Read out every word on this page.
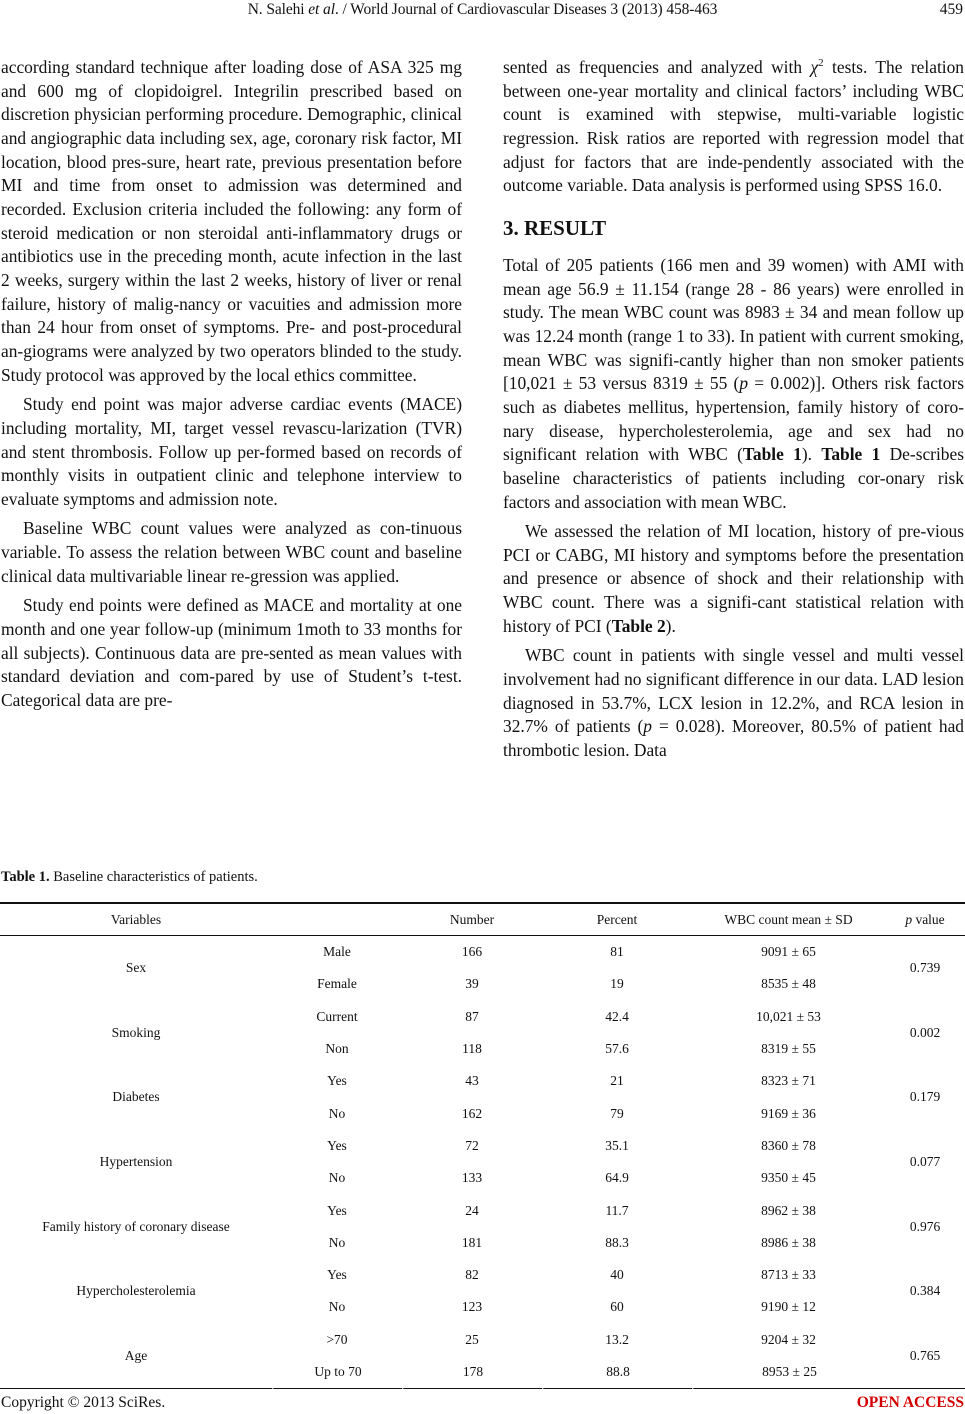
N. Salehi et al. / World Journal of Cardiovascular Diseases 3 (2013) 458-463	459

according standard technique after loading dose of ASA 325 mg and 600 mg of clopidoigrel. Integrilin prescribed based on discretion physician performing procedure. Demographic, clinical and angiographic data including sex, age, coronary risk factor, MI location, blood pres-sure, heart rate, previous presentation before MI and time from onset to admission was determined and recorded. Exclusion criteria included the following: any form of steroid medication or non steroidal anti-inflammatory drugs or antibiotics use in the preceding month, acute infection in the last 2 weeks, surgery within the last 2 weeks, history of liver or renal failure, history of malig-nancy or vacuities and admission more than 24 hour from onset of symptoms. Pre- and post-procedural an-giograms were analyzed by two operators blinded to the study. Study protocol was approved by the local ethics committee.

Study end point was major adverse cardiac events (MACE) including mortality, MI, target vessel revascu-larization (TVR) and stent thrombosis. Follow up per-formed based on records of monthly visits in outpatient clinic and telephone interview to evaluate symptoms and admission note.

Baseline WBC count values were analyzed as con-tinuous variable. To assess the relation between WBC count and baseline clinical data multivariable linear re-gression was applied.

Study end points were defined as MACE and mortality at one month and one year follow-up (minimum 1moth to 33 months for all subjects). Continuous data are pre-sented as mean values with standard deviation and com-pared by use of Student’s t-test. Categorical data are pre-

sented as frequencies and analyzed with $\chi^2$ tests. The relation between one-year mortality and clinical factors’ including WBC count is examined with stepwise, multi-variable logistic regression. Risk ratios are reported with regression model that adjust for factors that are inde-pendently associated with the outcome variable. Data analysis is performed using SPSS 16.0.

3. RESULT

Total of 205 patients (166 men and 39 women) with AMI with mean age 56.9 ± 11.154 (range 28 - 86 years) were enrolled in study. The mean WBC count was 8983 ± 34 and mean follow up was 12.24 month (range 1 to 33). In patient with current smoking, mean WBC was signifi-cantly higher than non smoker patients [10,021 ± 53 versus 8319 ± 55 (p = 0.002)]. Others risk factors such as diabetes mellitus, hypertension, family history of coro-nary disease, hypercholesterolemia, age and sex had no significant relation with WBC (Table 1). Table 1 De-scribes baseline characteristics of patients including cor-onary risk factors and association with mean WBC.

We assessed the relation of MI location, history of pre-vious PCI or CABG, MI history and symptoms before the presentation and presence or absence of shock and their relationship with WBC count. There was a signifi-cant statistical relation with history of PCI (Table 2).

WBC count in patients with single vessel and multi vessel involvement had no significant difference in our data. LAD lesion diagnosed in 53.7%, LCX lesion in 12.2%, and RCA lesion in 32.7% of patients (p = 0.028). Moreover, 80.5% of patient had thrombotic lesion. Data

Table 1. Baseline characteristics of patients.
Variables		Number	Percent	WBC count mean ± SD	p value
Sex	Male	166	81	9091 ± 65	0.739
	Female	39	19	8535 ± 48	
Smoking	Current	87	42.4	10,021 ± 53	0.002
	Non	118	57.6	8319 ± 55	
Diabetes	Yes	43	21	8323 ± 71	0.179
	No	162	79	9169 ± 36	
Hypertension	Yes	72	35.1	8360 ± 78	0.077
	No	133	64.9	9350 ± 45	
Family history of coronary disease	Yes	24	11.7	8962 ± 38	0.976
	No	181	88.3	8986 ± 38	
Hypercholesterolemia	Yes	82	40	8713 ± 33	0.384
	No	123	60	9190 ± 12	
Age	>70	25	13.2	9204 ± 32	0.765
	Up to 70	178	88.8	8953 ± 25	
Copyright © 2013 SciRes.	OPEN ACCESS
